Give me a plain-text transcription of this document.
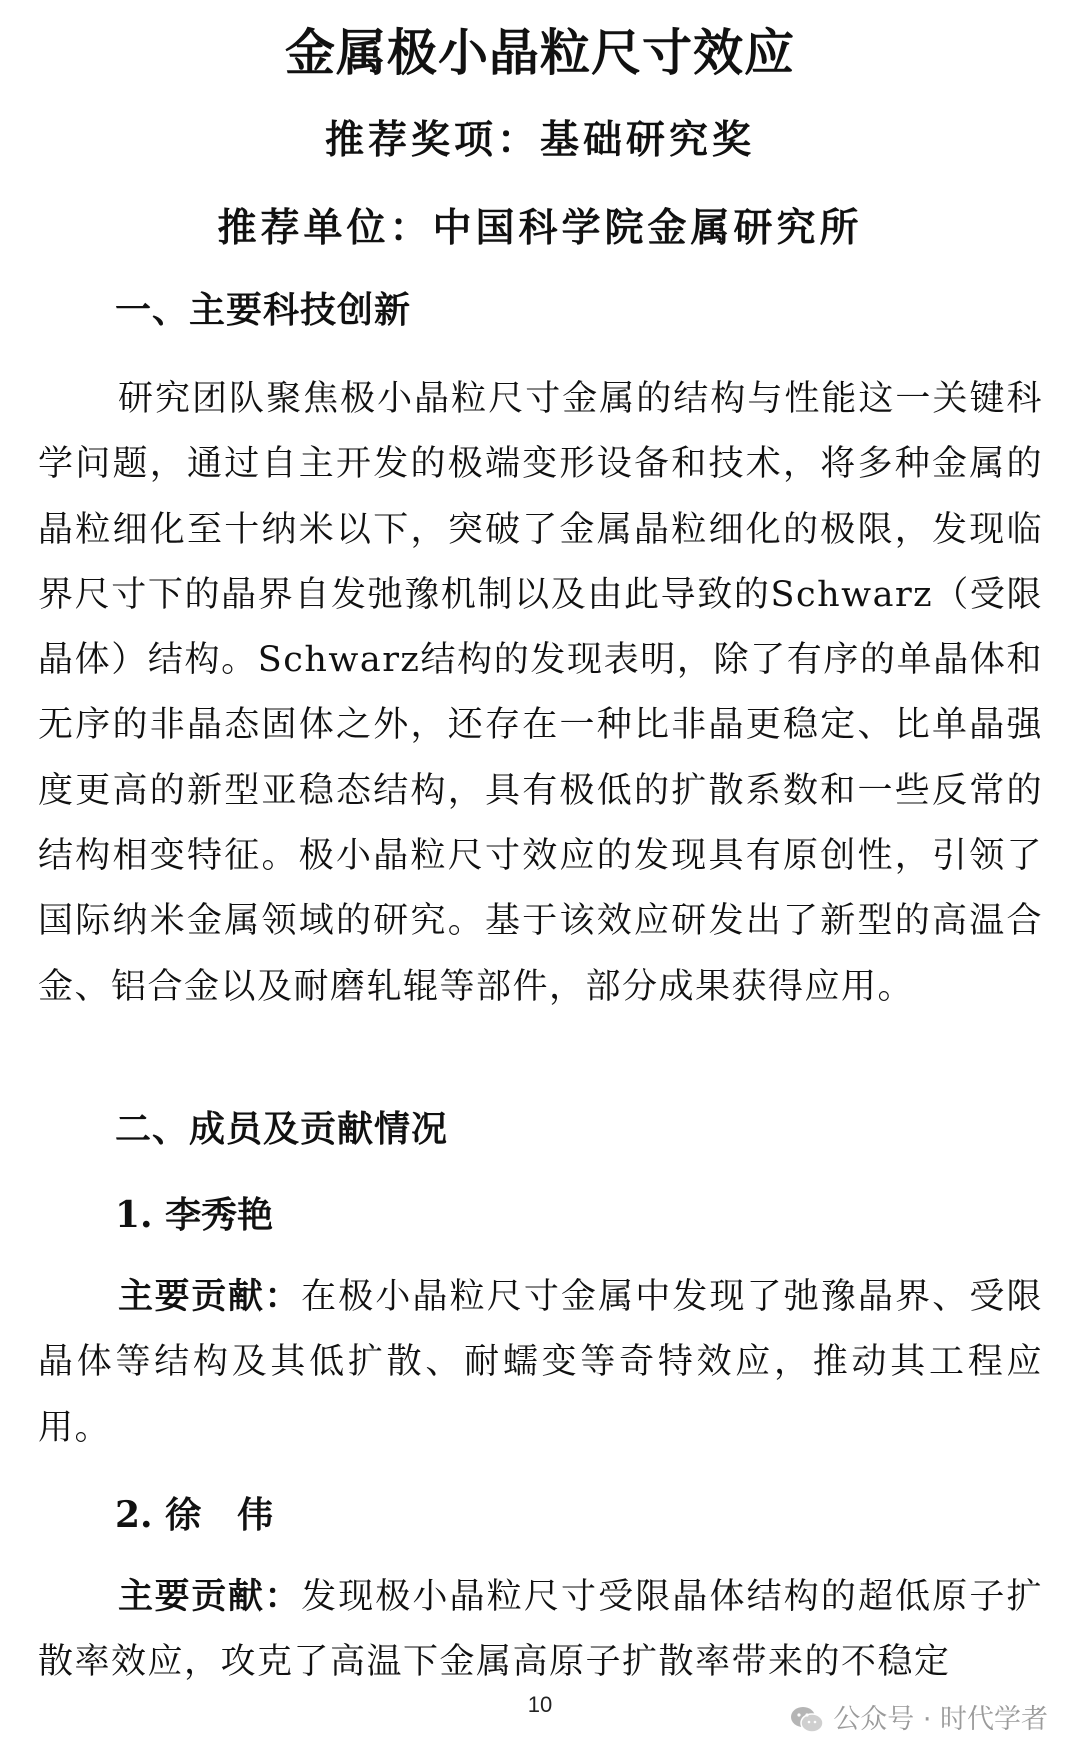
金属极小晶粒尺寸效应

推荐奖项：基础研究奖

推荐单位：中国科学院金属研究所

一、主要科技创新

研究团队聚焦极小晶粒尺寸金属的结构与性能这一关键科学问题，通过自主开发的极端变形设备和技术，将多种金属的晶粒细化至十纳米以下，突破了金属晶粒细化的极限，发现临界尺寸下的晶界自发弛豫机制以及由此导致的Schwarz（受限晶体）结构。Schwarz结构的发现表明，除了有序的单晶体和无序的非晶态固体之外，还存在一种比非晶更稳定、比单晶强度更高的新型亚稳态结构，具有极低的扩散系数和一些反常的结构相变特征。极小晶粒尺寸效应的发现具有原创性，引领了国际纳米金属领域的研究。基于该效应研发出了新型的高温合金、铝合金以及耐磨轧辊等部件，部分成果获得应用。

二、成员及贡献情况
1. 李秀艳

主要贡献：在极小晶粒尺寸金属中发现了弛豫晶界、受限晶体等结构及其低扩散、耐蠕变等奇特效应，推动其工程应用。

2. 徐　伟

主要贡献：发现极小晶粒尺寸受限晶体结构的超低原子扩散率效应，攻克了高温下金属高原子扩散率带来的不稳定

10	公众号 · 时代学者
